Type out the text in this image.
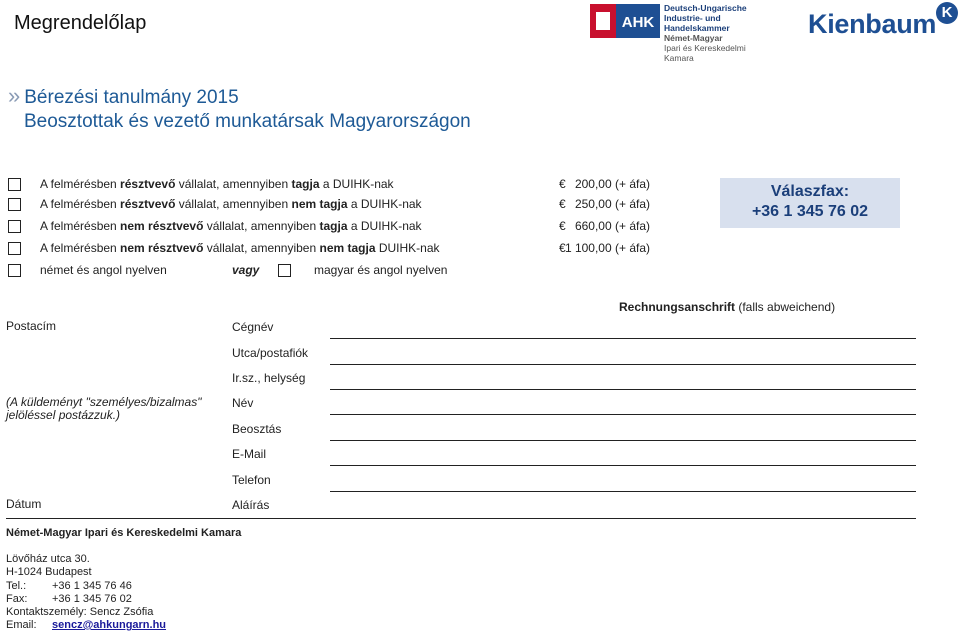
Megrendelőlap	AHK
Deutsch-Ungarische
Industrie- und Handelskammer
Német-Magyar
Ipari és Kereskedelmi Kamara
Kienbaum K
» Bérezési tanulmány 2015
Beosztottak és vezető munkatársak Magyarországon
A felmérésben résztvevő vállalat, amennyiben tagja a DUIHK-nak	€ 200,00 (+ áfa)
A felmérésben résztvevő vállalat, amennyiben nem tagja a DUIHK-nak	€ 250,00 (+ áfa)
A felmérésben nem résztvevő vállalat, amennyiben tagja a DUIHK-nak	€ 660,00 (+ áfa)
A felmérésben nem résztvevő vállalat, amennyiben nem tagja DUIHK-nak	€ 1 100,00 (+ áfa)
német és angol nyelven	vagy	magyar és angol nyelven
Válaszfax:
+36 1 345 76 02
Rechnungsanschrift (falls abweichend)
Postacím
(A küldeményt "személyes/bizalmas" jelöléssel postázzuk.)
Dátum
Cégnév
Utca/postafiók
Ir.sz., helység
Név
Beosztás
E-Mail
Telefon
Aláírás
Német-Magyar Ipari és Kereskedelmi Kamara
Lövőház utca 30.
H-1024 Budapest
Tel.: +36 1 345 76 46
Fax: +36 1 345 76 02
Kontaktszemély: Sencz Zsófia
Email: sencz@ahkungarn.hu
